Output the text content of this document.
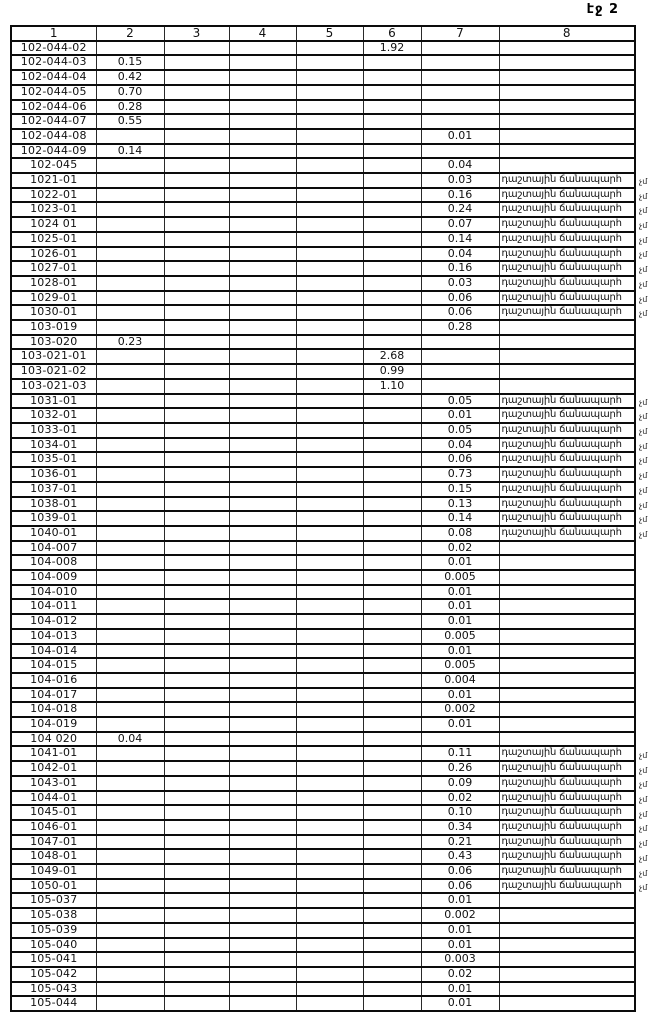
էջ 2
1	2	3	4	5	6	7	8
102-044-02					1.92		
102-044-03	0.15						
102-044-04	0.42						
102-044-05	0.70						
102-044-06	0.28						
102-044-07	0.55						
102-044-08						0.01	
102-044-09	0.14						
102-045						0.04	
1021-01						0.03	դաշտային ճանապարհ
1022-01						0.16	դաշտային ճանապարհ
1023-01						0.24	դաշտային ճանապարհ
1024 01						0.07	դաշտային ճանապարհ
1025-01						0.14	դաշտային ճանապարհ
1026-01						0.04	դաշտային ճանապարհ
1027-01						0.16	դաշտային ճանապարհ
1028-01						0.03	դաշտային ճանապարհ
1029-01						0.06	դաշտային ճանապարհ
1030-01						0.06	դաշտային ճանապարհ
103-019						0.28	
103-020	0.23						
103-021-01					2.68		
103-021-02					0.99		
103-021-03					1.10		
1031-01						0.05	դաշտային ճանապարհ
1032-01						0.01	դաշտային ճանապարհ
1033-01						0.05	դաշտային ճանապարհ
1034-01						0.04	դաշտային ճանապարհ
1035-01						0.06	դաշտային ճանապարհ
1036-01						0.73	դաշտային ճանապարհ
1037-01						0.15	դաշտային ճանապարհ
1038-01						0.13	դաշտային ճանապարհ
1039-01						0.14	դաշտային ճանապարհ
1040-01						0.08	դաշտային ճանապարհ
104-007						0.02	
104-008						0.01	
104-009						0.005	
104-010						0.01	
104-011						0.01	
104-012						0.01	
104-013						0.005	
104-014						0.01	
104-015						0.005	
104-016						0.004	
104-017						0.01	
104-018						0.002	
104-019						0.01	
104 020	0.04						
1041-01						0.11	դաշտային ճանապարհ
1042-01						0.26	դաշտային ճանապարհ
1043-01						0.09	դաշտային ճանապարհ
1044-01						0.02	դաշտային ճանապարհ
1045-01						0.10	դաշտային ճանապարհ
1046-01						0.34	դաշտային ճանապարհ
1047-01						0.21	դաշտային ճանապարհ
1048-01						0.43	դաշտային ճանապարհ
1049-01						0.06	դաշտային ճանապարհ
1050-01						0.06	դաշտային ճանապարհ
105-037						0.01	
105-038						0.002	
105-039						0.01	
105-040						0.01	
105-041						0.003	
105-042						0.02	
105-043						0.01	
105-044						0.01	
չմ
չմ
չմ
չմ
չմ
չմ
չմ
չմ
չմ
չմ
չմ
չմ
չմ
չմ
չմ
չմ
չմ
չմ
չմ
չմ
չմ
չմ
չմ
չմ
չմ
չմ
չմ
չմ
չմ
չմ
